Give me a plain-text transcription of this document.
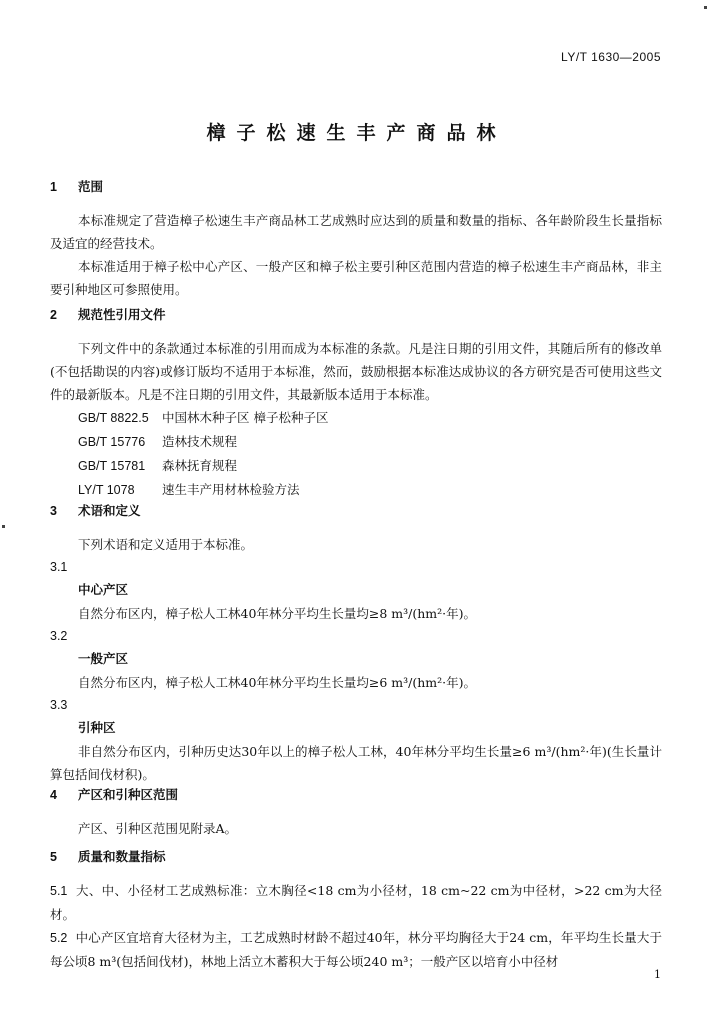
LY/T 1630—2005
樟子松速生丰产商品林
1 范围
本标准规定了营造樟子松速生丰产商品林工艺成熟时应达到的质量和数量的指标、各年龄阶段生长量指标及适宜的经营技术。
本标准适用于樟子松中心产区、一般产区和樟子松主要引种区范围内营造的樟子松速生丰产商品林，非主要引种地区可参照使用。
2 规范性引用文件
下列文件中的条款通过本标准的引用而成为本标准的条款。凡是注日期的引用文件，其随后所有的修改单(不包括勘误的内容)或修订版均不适用于本标准，然而，鼓励根据本标准达成协议的各方研究是否可使用这些文件的最新版本。凡是不注日期的引用文件，其最新版本适用于本标准。
GB/T 8822.5 中国林木种子区 樟子松种子区
GB/T 15776 造林技术规程
GB/T 15781 森林抚育规程
LY/T 1078 速生丰产用材林检验方法
3 术语和定义
下列术语和定义适用于本标准。
3.1
中心产区
自然分布区内，樟子松人工林40年林分平均生长量均≥8 m³/(hm²·年)。
3.2
一般产区
自然分布区内，樟子松人工林40年林分平均生长量均≥6 m³/(hm²·年)。
3.3
引种区
非自然分布区内，引种历史达30年以上的樟子松人工林，40年林分平均生长量≥6 m³/(hm²·年)(生长量计算包括间伐材积)。
4 产区和引种区范围
产区、引种区范围见附录A。
5 质量和数量指标
5.1 大、中、小径材工艺成熟标准：立木胸径<18 cm为小径材，18 cm~22 cm为中径材，>22 cm为大径材。
5.2 中心产区宜培育大径材为主，工艺成熟时材龄不超过40年，林分平均胸径大于24 cm，年平均生长量大于每公顷8 m³(包括间伐材)，林地上活立木蓄积大于每公顷240 m³；一般产区以培育小中径材
1
